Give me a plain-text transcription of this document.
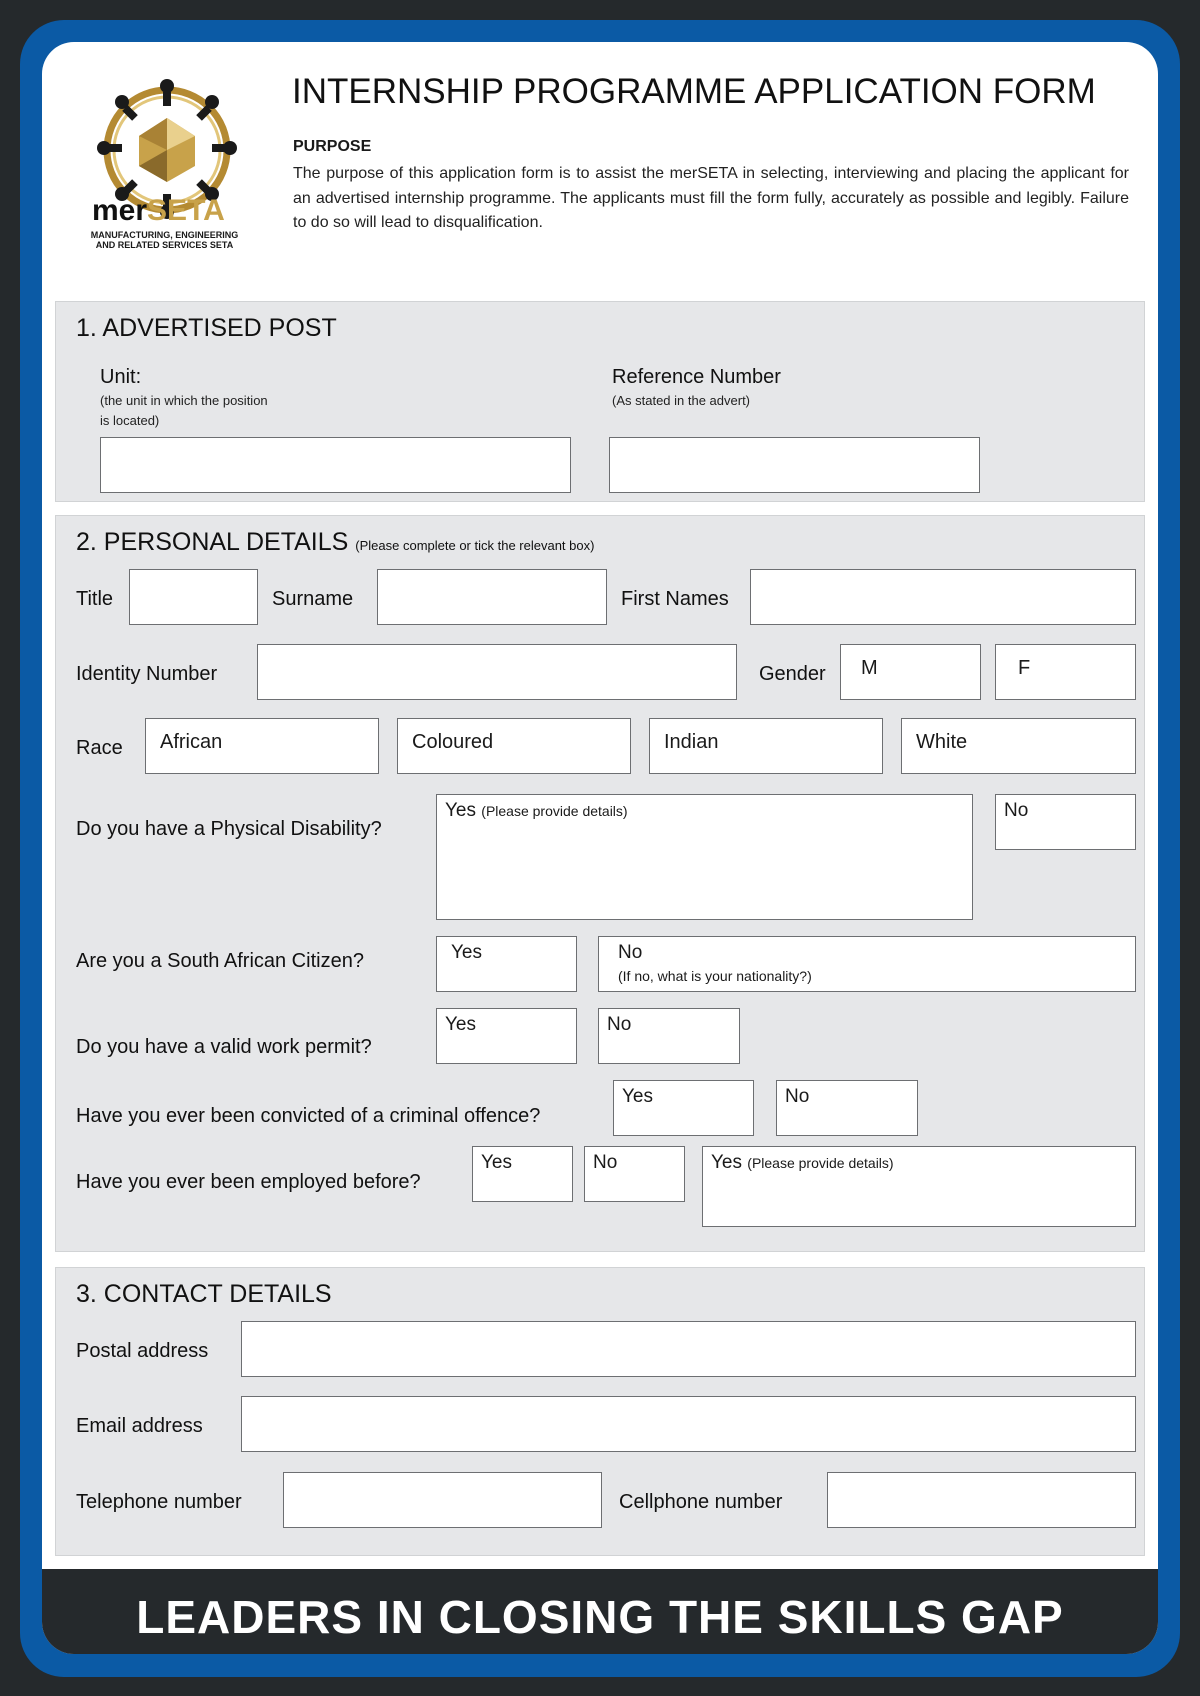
merSETA
MANUFACTURING, ENGINEERING
AND RELATED SERVICES SETA
INTERNSHIP PROGRAMME APPLICATION FORM
PURPOSE
The purpose of this application form is to assist the merSETA in selecting, interviewing and placing the applicant for an advertised internship programme. The applicants must fill the form fully, accurately as possible and legibly. Failure to do so will lead to disqualification.
1. ADVERTISED POST
Unit:
(the unit in which the position
is located)
Reference Number
(As stated in the advert)
2. PERSONAL DETAILS (Please complete or tick the relevant box)
Title	Surname	First Names
Identity Number	Gender M	F
Race African	Coloured	Indian	White
Do you have a Physical Disability?
Yes (Please provide details)	No
Are you a South African Citizen?	Yes	No
(If no, what is your nationality?)
Do you have a valid work permit?
Yes	No
Have you ever been convicted of a criminal offence?
Yes	No
Have you ever been employed before?
Yes	No	Yes (Please provide details)
3. CONTACT DETAILS
Postal address
Email address
Telephone number	Cellphone number
LEADERS IN CLOSING THE SKILLS GAP
